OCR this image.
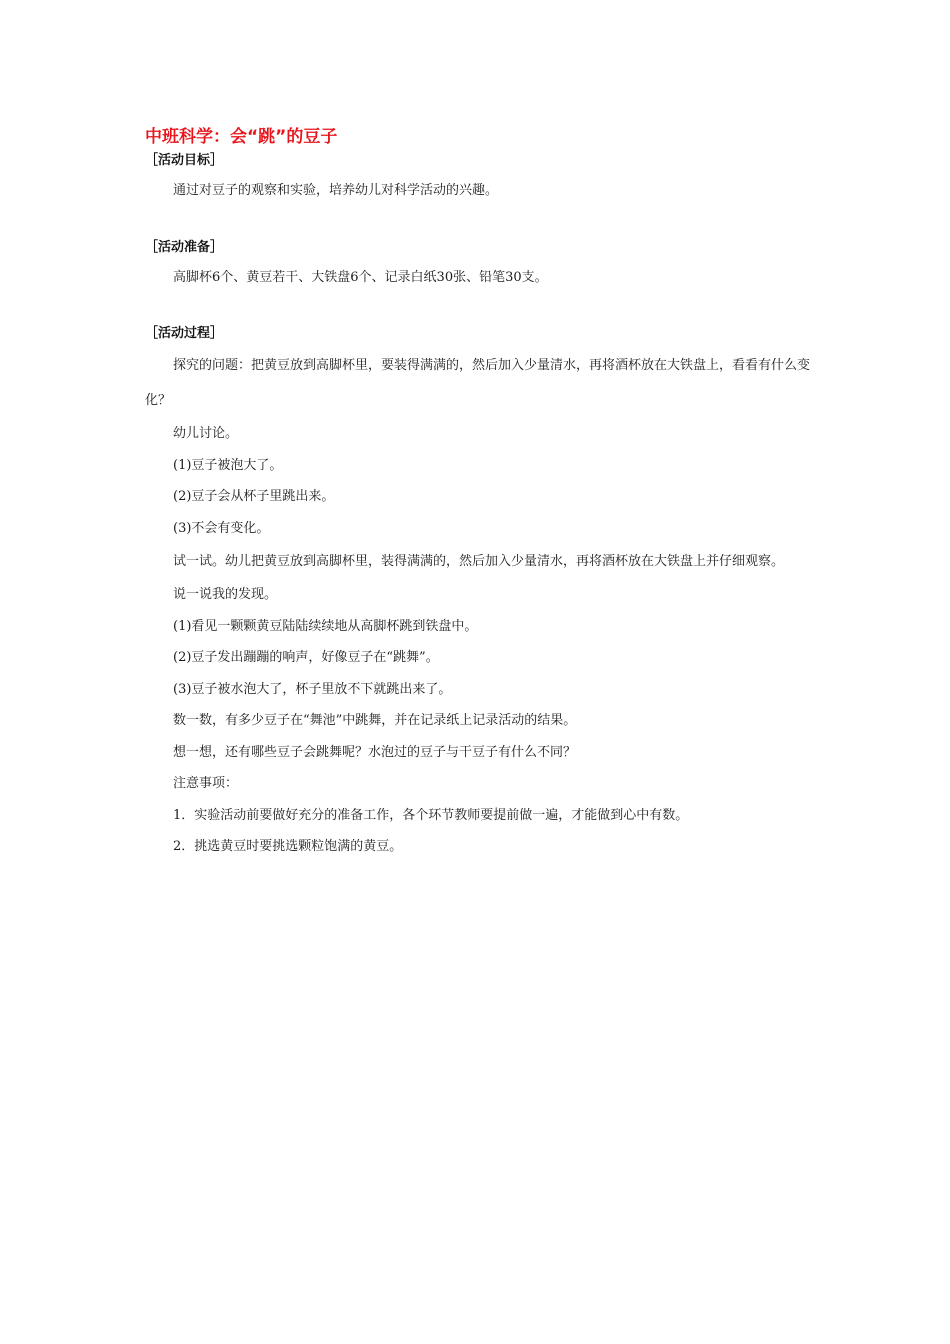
中班科学：会“跳”的豆子
［活动目标］

通过对豆子的观察和实验，培养幼儿对科学活动的兴趣。

［活动准备］

高脚杯6个、黄豆若干、大铁盘6个、记录白纸30张、铅笔30支。

［活动过程］

探究的问题：把黄豆放到高脚杯里，要装得满满的，然后加入少量清水，再将酒杯放在大铁盘上，看看有什么变化？

幼儿讨论。

(1)豆子被泡大了。

(2)豆子会从杯子里跳出来。

(3)不会有变化。

试一试。幼儿把黄豆放到高脚杯里，装得满满的，然后加入少量清水，再将酒杯放在大铁盘上并仔细观察。

说一说我的发现。

(1)看见一颗颗黄豆陆陆续续地从高脚杯跳到铁盘中。

(2)豆子发出蹦蹦的响声，好像豆子在“跳舞”。

(3)豆子被水泡大了，杯子里放不下就跳出来了。

数一数，有多少豆子在“舞池”中跳舞，并在记录纸上记录活动的结果。

想一想，还有哪些豆子会跳舞呢？水泡过的豆子与干豆子有什么不同？

注意事项：

1．实验活动前要做好充分的准备工作，各个环节教师要提前做一遍，才能做到心中有数。

2．挑选黄豆时要挑选颗粒饱满的黄豆。
